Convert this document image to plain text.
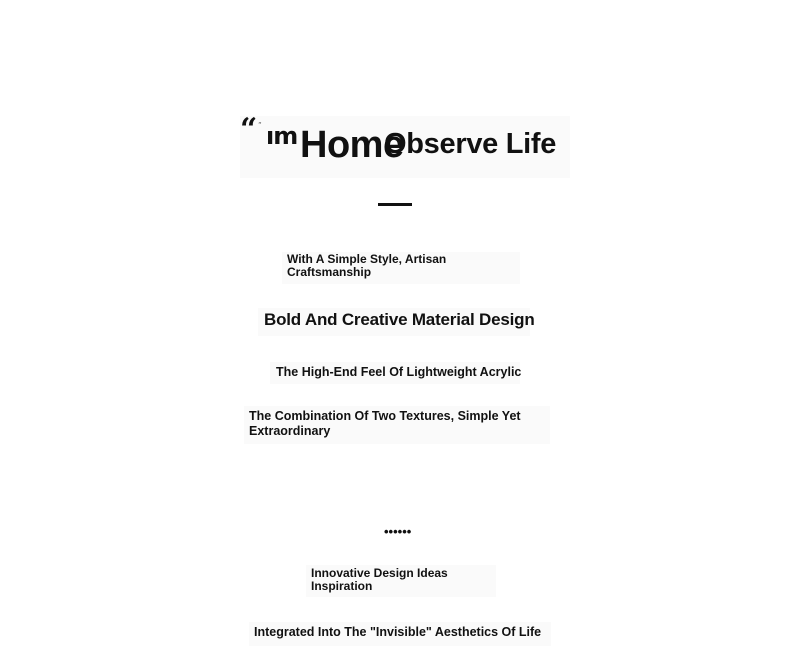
“ " ım Home
Observe Life
With A Simple Style, Artisan Craftsmanship
Bold And Creative Material Design
The High-End Feel Of Lightweight Acrylic
The Combination Of Two Textures, Simple Yet Extraordinary
••••••
Innovative Design Ideas Inspiration
Integrated Into The "Invisible" Aesthetics Of Life
